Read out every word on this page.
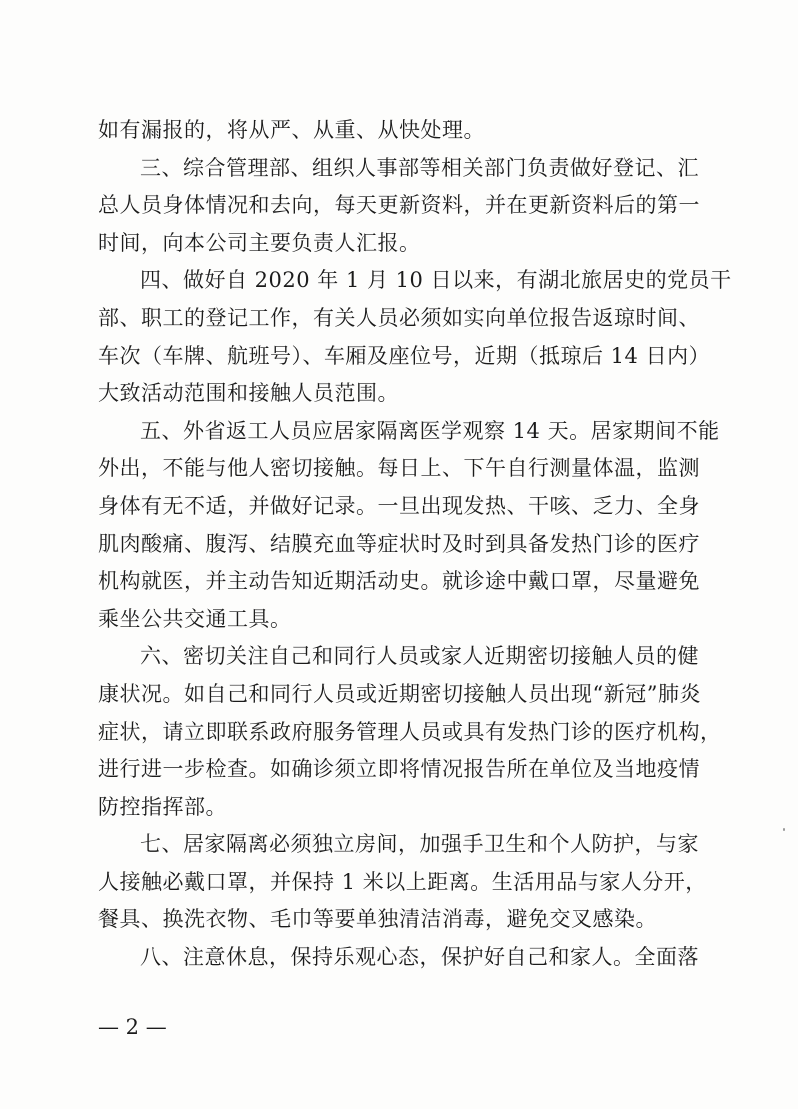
如有漏报的，将从严、从重、从快处理。
三、综合管理部、组织人事部等相关部门负责做好登记、汇
总人员身体情况和去向，每天更新资料，并在更新资料后的第一
时间，向本公司主要负责人汇报。
四、做好自 2020 年 1 月 10 日以来，有湖北旅居史的党员干
部、职工的登记工作，有关人员必须如实向单位报告返琼时间、
车次（车牌、航班号）、车厢及座位号，近期（抵琼后 14 日内）
大致活动范围和接触人员范围。
五、外省返工人员应居家隔离医学观察 14 天。居家期间不能
外出，不能与他人密切接触。每日上、下午自行测量体温，监测
身体有无不适，并做好记录。一旦出现发热、干咳、乏力、全身
肌肉酸痛、腹泻、结膜充血等症状时及时到具备发热门诊的医疗
机构就医，并主动告知近期活动史。就诊途中戴口罩，尽量避免
乘坐公共交通工具。
六、密切关注自己和同行人员或家人近期密切接触人员的健
康状况。如自己和同行人员或近期密切接触人员出现“新冠”肺炎
症状，请立即联系政府服务管理人员或具有发热门诊的医疗机构，
进行进一步检查。如确诊须立即将情况报告所在单位及当地疫情
防控指挥部。
七、居家隔离必须独立房间，加强手卫生和个人防护，与家
人接触必戴口罩，并保持 1 米以上距离。生活用品与家人分开，
餐具、换洗衣物、毛巾等要单独清洁消毒，避免交叉感染。
八、注意休息，保持乐观心态，保护好自己和家人。全面落
— 2 —
